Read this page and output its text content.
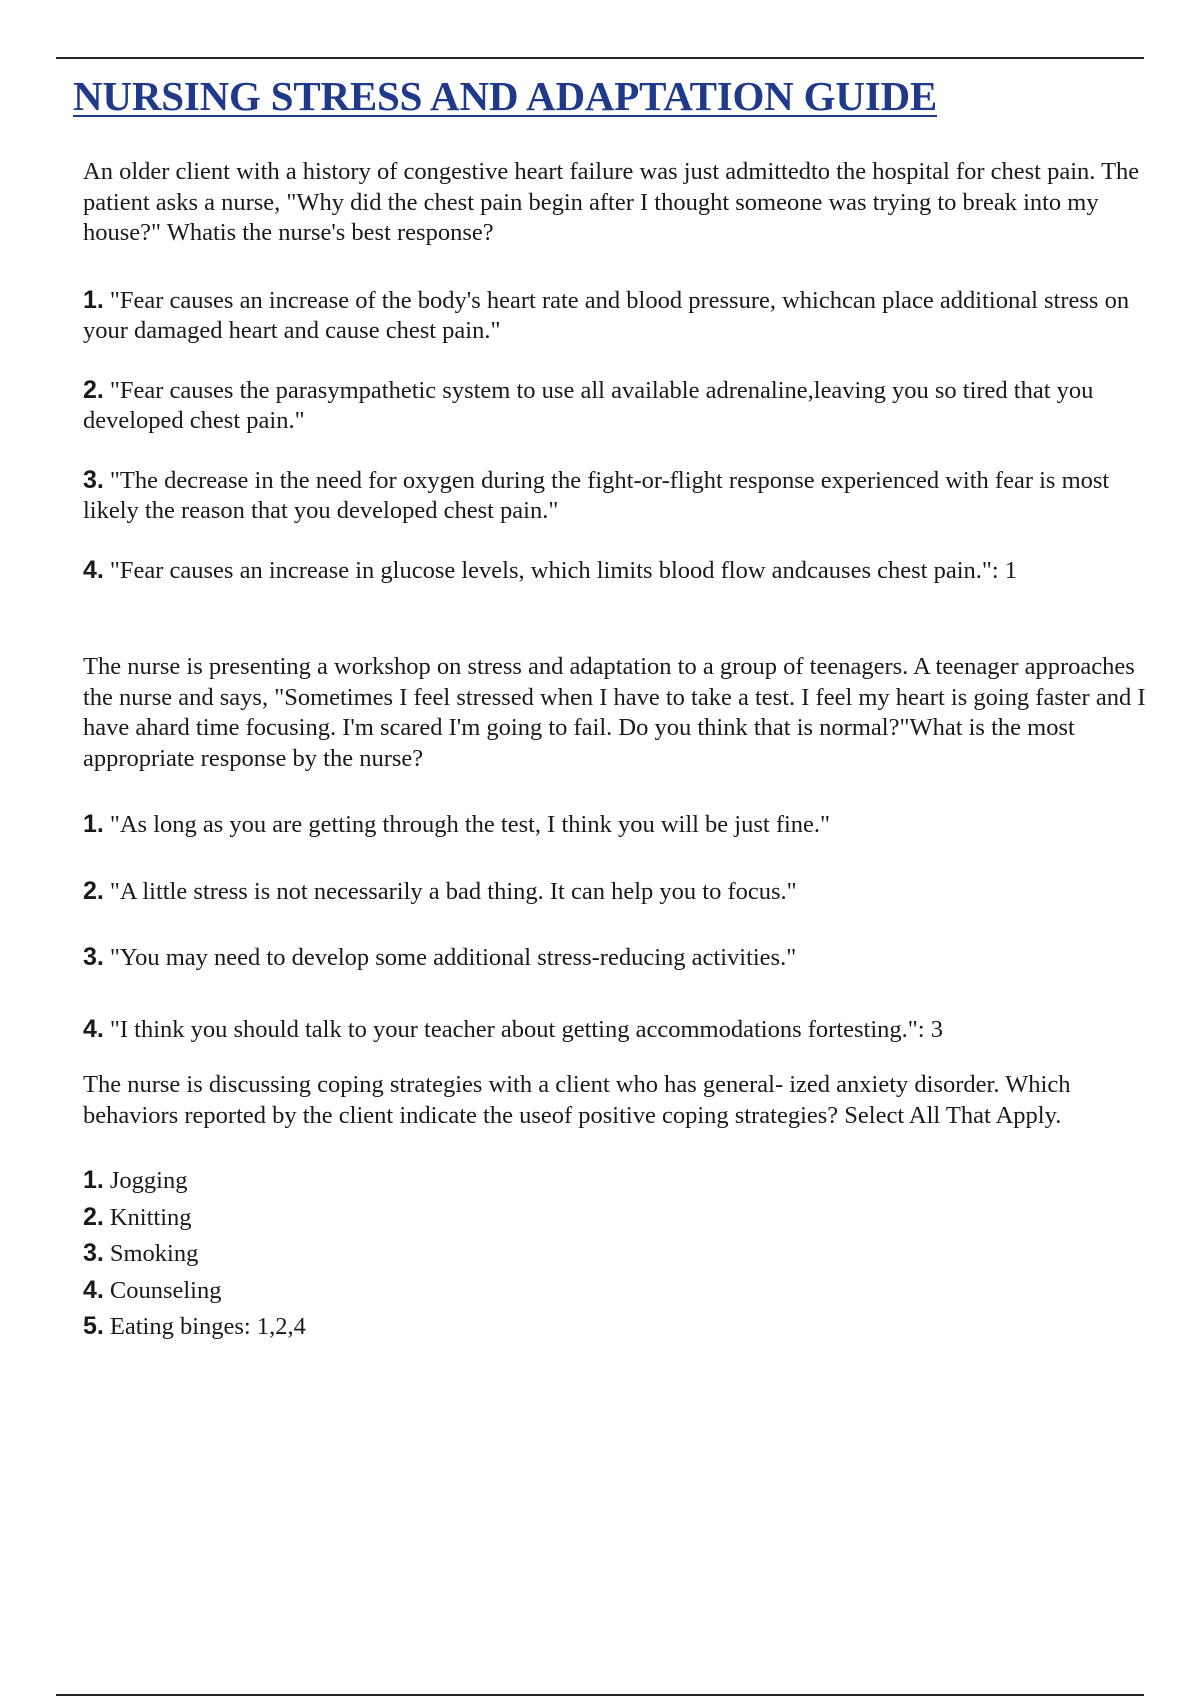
NURSING STRESS AND ADAPTATION GUIDE

An older client with a history of congestive heart failure was just admittedto the hospital for chest pain. The patient asks a nurse, "Why did the chest pain begin after I thought someone was trying to break into my house?" Whatis the nurse's best response?

1. "Fear causes an increase of the body's heart rate and blood pressure, whichcan place additional stress on your damaged heart and cause chest pain."
2. "Fear causes the parasympathetic system to use all available adrenaline,leaving you so tired that you developed chest pain."
3. "The decrease in the need for oxygen during the fight-or-flight response experienced with fear is most likely the reason that you developed chest pain."
4. "Fear causes an increase in glucose levels, which limits blood flow andcauses chest pain.": 1

The nurse is presenting a workshop on stress and adaptation to a group of teenagers. A teenager approaches the nurse and says, "Sometimes I feel stressed when I have to take a test. I feel my heart is going faster and I have ahard time focusing. I'm scared I'm going to fail. Do you think that is normal?"What is the most appropriate response by the nurse?

1. "As long as you are getting through the test, I think you will be just fine."
2. "A little stress is not necessarily a bad thing. It can help you to focus."
3. "You may need to develop some additional stress-reducing activities."
4. "I think you should talk to your teacher about getting accommodations fortesting.": 3

The nurse is discussing coping strategies with a client who has general- ized anxiety disorder. Which behaviors reported by the client indicate the useof positive coping strategies? Select All That Apply.

1. Jogging
2. Knitting
3. Smoking
4. Counseling
5. Eating binges: 1,2,4
